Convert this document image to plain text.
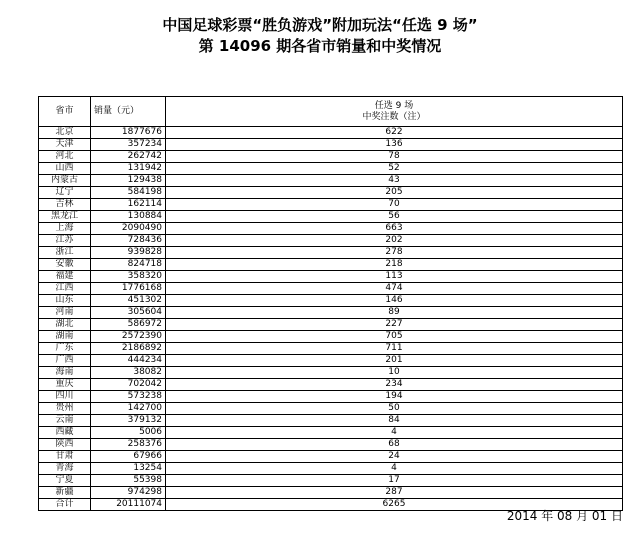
中国足球彩票“胜负游戏”附加玩法“任选 9 场”
第 14096 期各省市销量和中奖情况
省市	销量（元）	任选 9 场
中奖注数（注）

北京	1877676	622
天津	357234	136
河北	262742	78
山西	131942	52
内蒙古	129438	43
辽宁	584198	205
吉林	162114	70
黑龙江	130884	56
上海	2090490	663
江苏	728436	202
浙江	939828	278
安徽	824718	218
福建	358320	113
江西	1776168	474
山东	451302	146
河南	305604	89
湖北	586972	227
湖南	2572390	705
广东	2186892	711
广西	444234	201
海南	38082	10
重庆	702042	234
四川	573238	194
贵州	142700	50
云南	379132	84
西藏	5006	4
陕西	258376	68
甘肃	67966	24
青海	13254	4
宁夏	55398	17
新疆	974298	287
合计	20111074	6265
2014 年 08 月 01 日
